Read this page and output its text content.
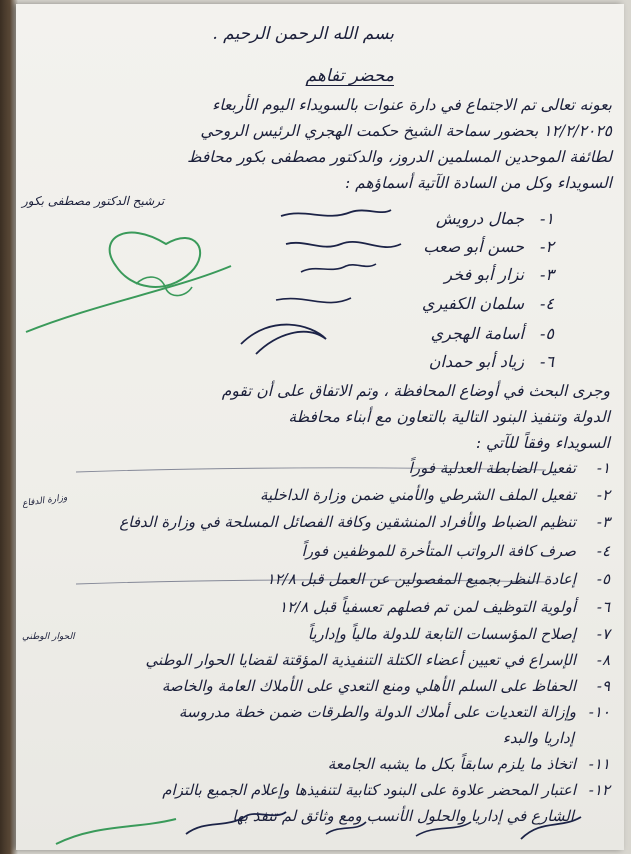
بسم الله الرحمن الرحيم .
محضر تفاهم
بعونه تعالى تم الاجتماع في دارة عنوات بالسويداء اليوم الأربعاء
١٢/٢/٢٠٢٥ بحضور سماحة الشيخ حكمت الهجري الرئيس الروحي
لطائفة الموحدين المسلمين الدروز، والدكتور مصطفى بكور محافظ
السويداء وكل من السادة الآتية أسماؤهم :
ترشيح الدكتور مصطفى بكور
١-جمال درويش
٢-حسن أبو صعب
٣-نزار أبو فخر
٤-سلمان الكفيري
٥-أسامة الهجري
٦-زياد أبو حمدان
وجرى البحث في أوضاع المحافظة ، وتم الاتفاق على أن تقوم
الدولة وتنفيذ البنود التالية بالتعاون مع أبناء محافظة
السويداء وفقاً للآتي :
١-تفعيل الضابطة العدلية فوراً
٢-تفعيل الملف الشرطي والأمني ضمن وزارة الداخلية
٣-تنظيم الضباط والأفراد المنشقين وكافة الفصائل المسلحة في وزارة الدفاع
٤-صرف كافة الرواتب المتأخرة للموظفين فوراً
٥-إعادة النظر بجميع المفصولين عن العمل قبل ١٢/٨
٦-أولوية التوظيف لمن تم فصلهم تعسفياً قبل ١٢/٨
٧-إصلاح المؤسسات التابعة للدولة مالياً وإدارياً
٨-الإسراع في تعيين أعضاء الكتلة التنفيذية المؤقتة لقضايا الحوار الوطني
٩-الحفاظ على السلم الأهلي ومنع التعدي على الأملاك العامة والخاصة
١٠-وإزالة التعديات على أملاك الدولة والطرقات ضمن خطة مدروسة
إداريا والبدء
١١-اتخاذ ما يلزم سابقاً بكل ما يشبه الجامعة
١٢-اعتبار المحضر علاوة على البنود كتابية لتنفيذها وإعلام الجميع بالتزام
الشارع في إداريا والحلول الأنسب ومع وثائق لم تنفذ بها
وزارة الدفاع
الحوار الوطني
